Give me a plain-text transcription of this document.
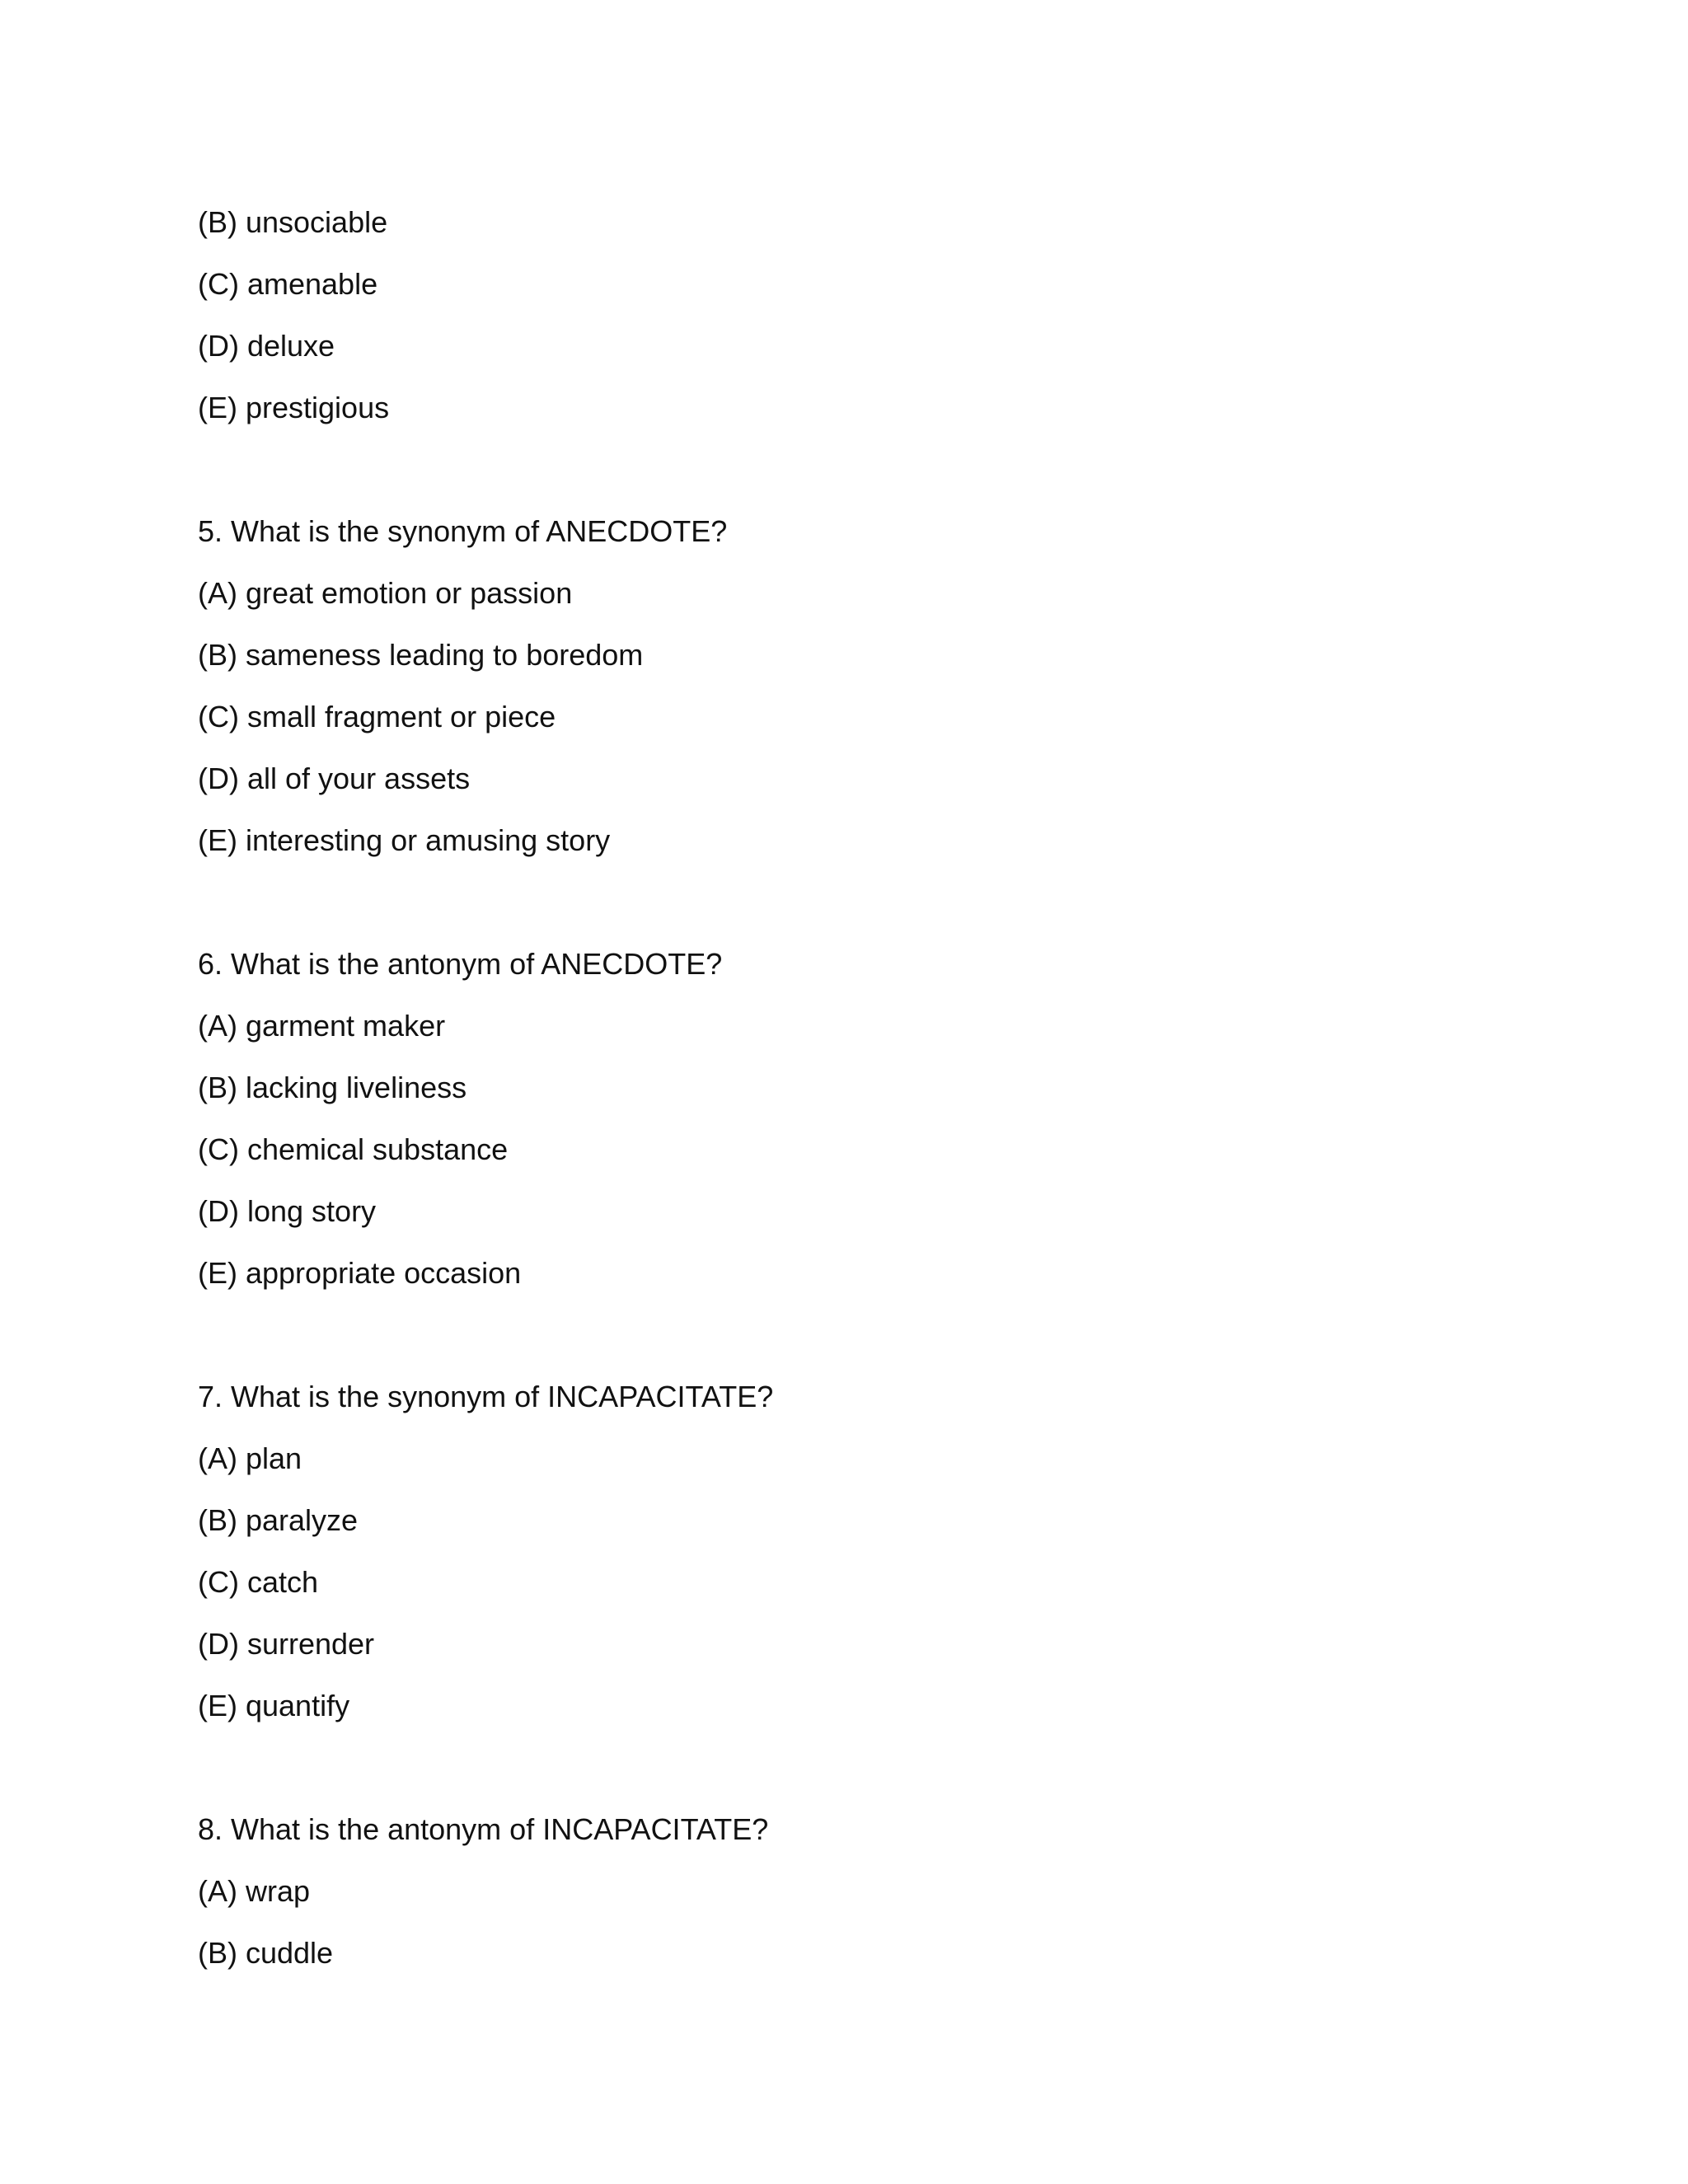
(B) unsociable
(C) amenable
(D) deluxe
(E) prestigious
5. What is the synonym of ANECDOTE?
(A) great emotion or passion
(B) sameness leading to boredom
(C) small fragment or piece
(D) all of your assets
(E) interesting or amusing story
6. What is the antonym of ANECDOTE?
(A) garment maker
(B) lacking liveliness
(C) chemical substance
(D) long story
(E) appropriate occasion
7. What is the synonym of INCAPACITATE?
(A) plan
(B) paralyze
(C) catch
(D) surrender
(E) quantify
8. What is the antonym of INCAPACITATE?
(A) wrap
(B) cuddle
